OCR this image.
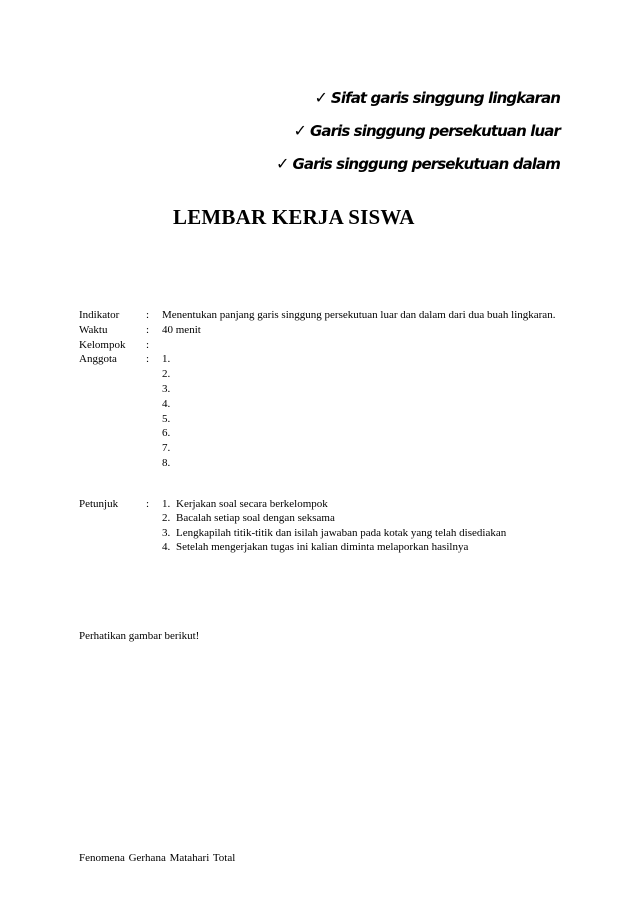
✓ Sifat garis singgung lingkaran
✓ Garis singgung persekutuan luar
✓ Garis singgung persekutuan dalam
LEMBAR KERJA SISWA
Indikator	:	Menentukan panjang garis singgung persekutuan luar dan dalam dari dua buah lingkaran.
Waktu	:	40 menit
Kelompok	:
Anggota	:	1.
2.
3.
4.
5.
6.
7.
8.
Petunjuk	:	1. Kerjakan soal secara berkelompok
2. Bacalah setiap soal dengan seksama
3. Lengkapilah titik-titik dan isilah jawaban pada kotak yang telah disediakan
4. Setelah mengerjakan tugas ini kalian diminta melaporkan hasilnya
Perhatikan gambar berikut!
Fenomena Gerhana Matahari Total
